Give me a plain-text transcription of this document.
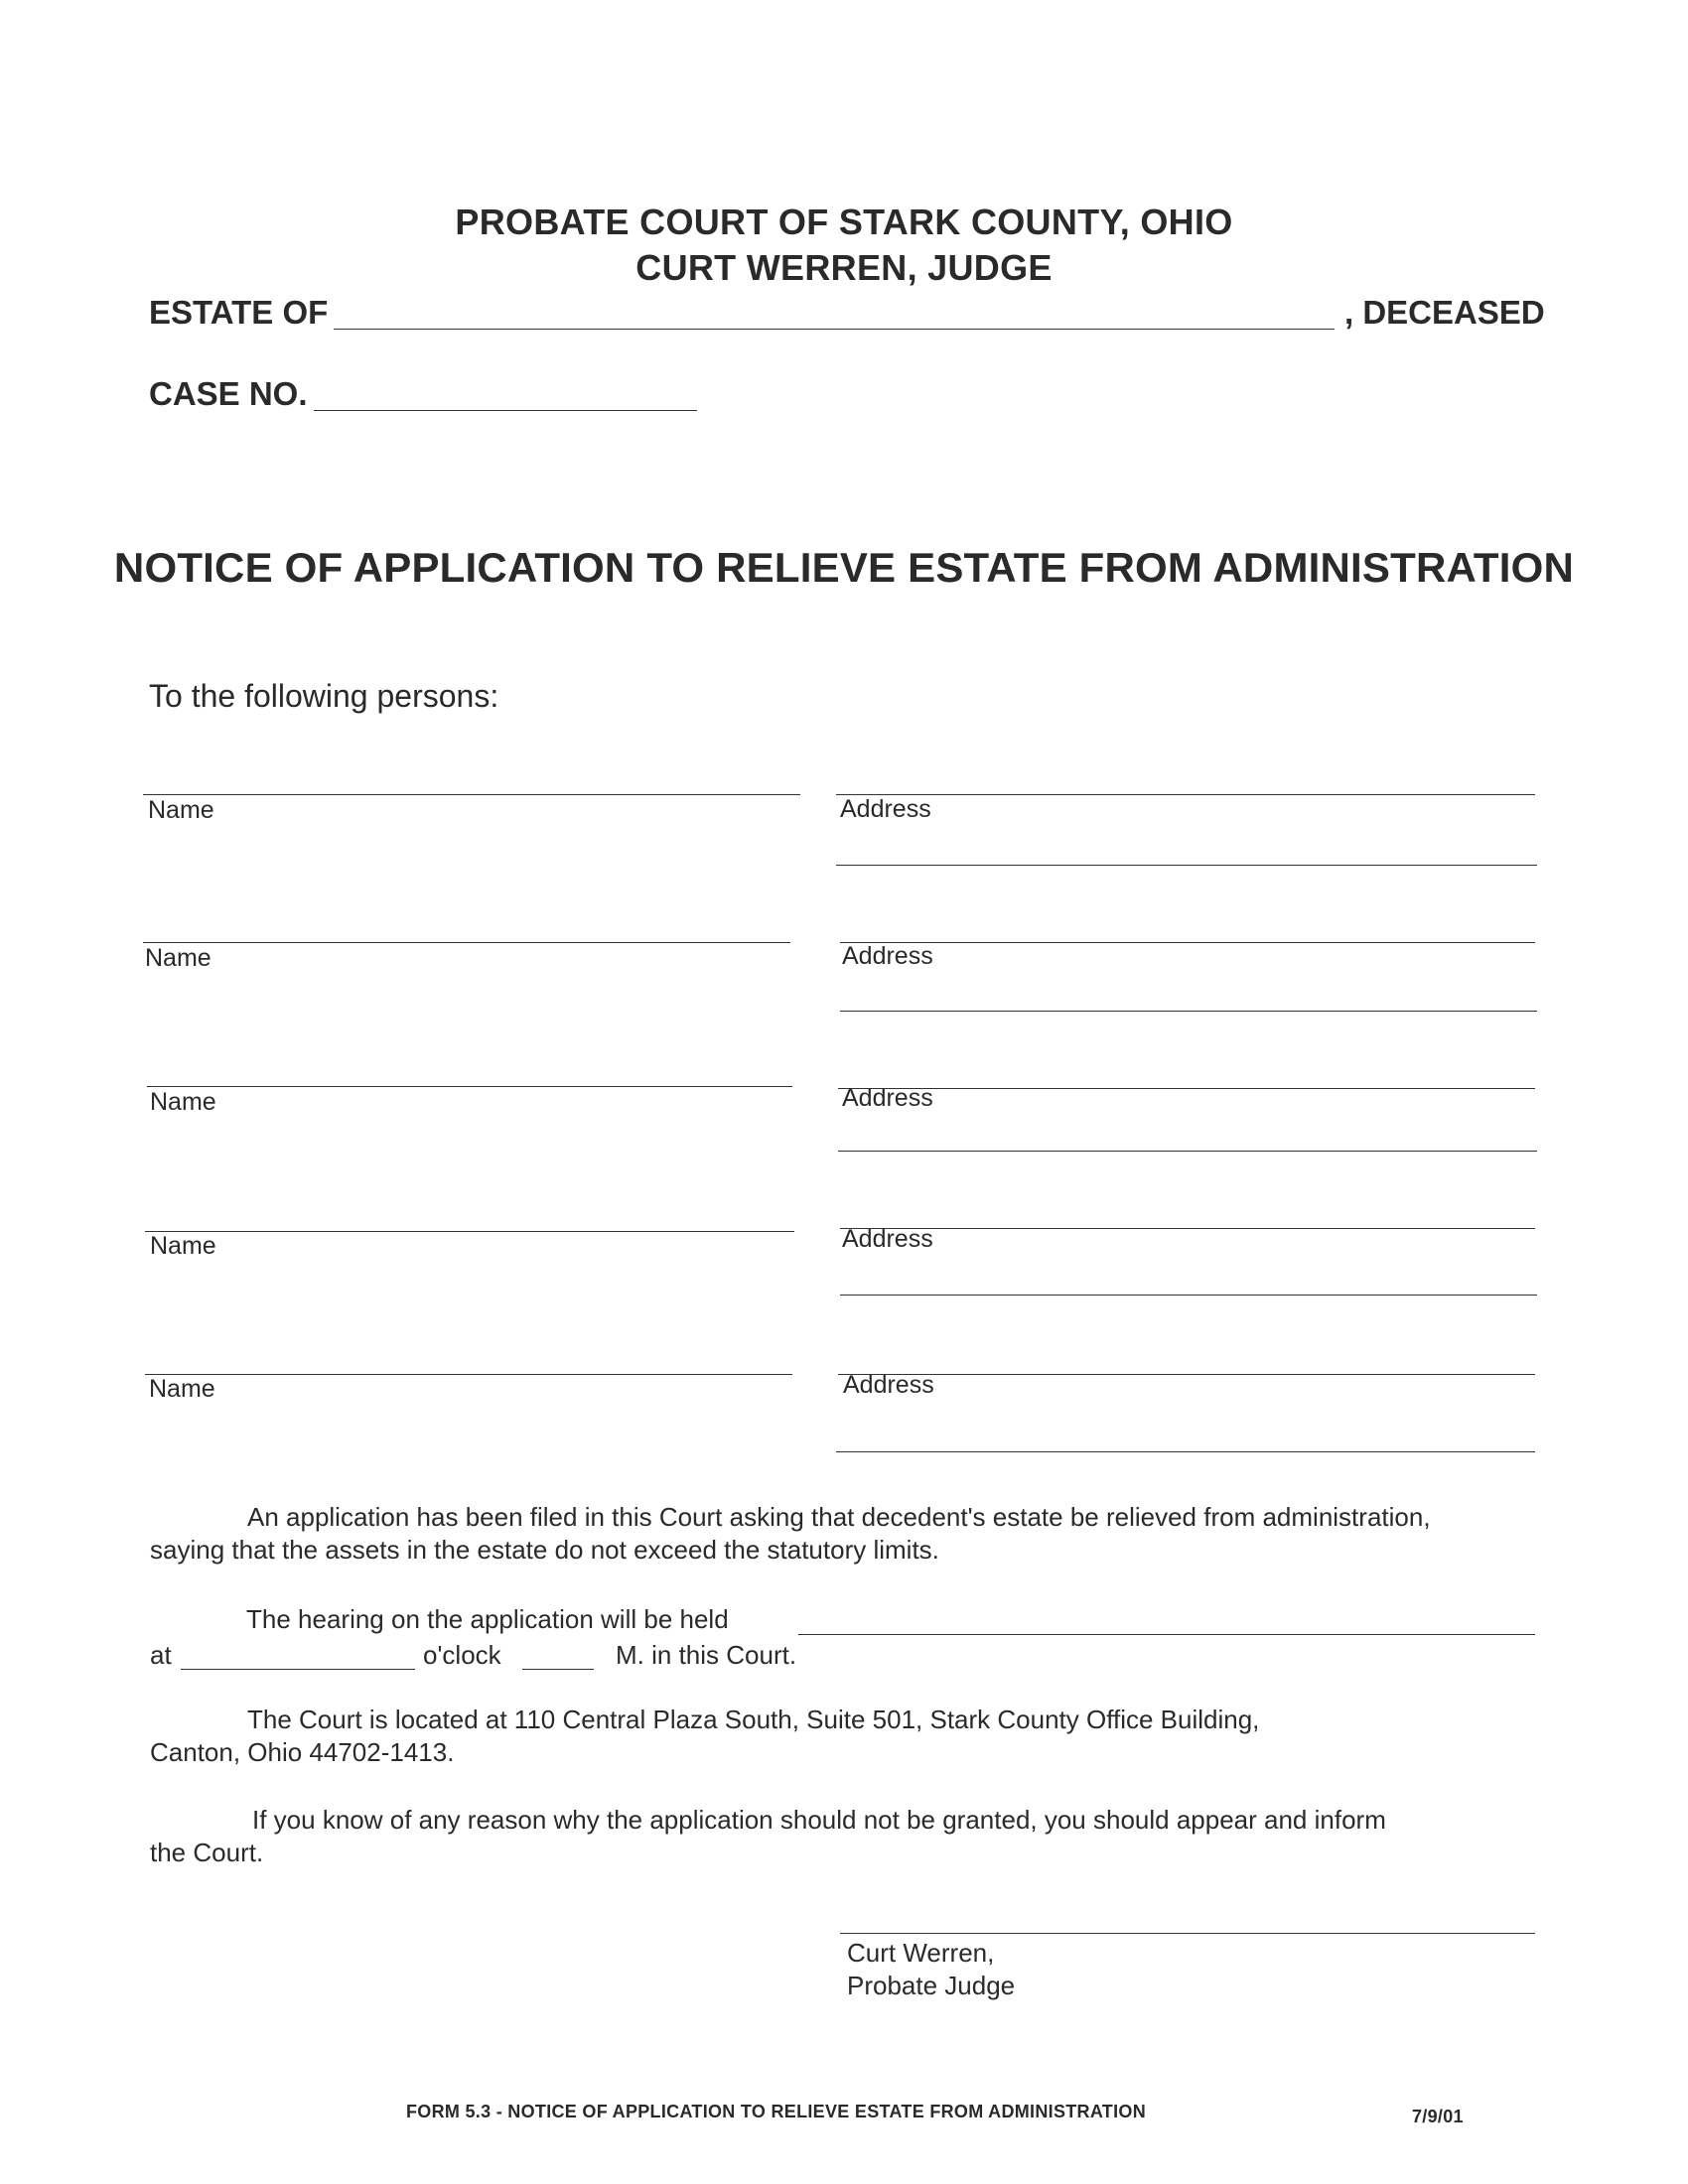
PROBATE COURT OF STARK COUNTY, OHIO
CURT WERREN, JUDGE
ESTATE OF	, DECEASED
CASE NO.
NOTICE OF APPLICATION TO RELIEVE ESTATE FROM ADMINISTRATION
To the following persons:
Name	Address
Name	Address
Name	Address
Name	Address
Name	Address
An application has been filed in this Court asking that decedent's estate be relieved from administration,
saying that the assets in the estate do not exceed the statutory limits.
The hearing on the application will be held
at	o'clock	M. in this Court.
The Court is located at 110 Central Plaza South, Suite 501, Stark County Office Building,
Canton, Ohio 44702-1413.
If you know of any reason why the application should not be granted, you should appear and inform
the Court.
Curt Werren,
Probate Judge
FORM 5.3 - NOTICE OF APPLICATION TO RELIEVE ESTATE FROM ADMINISTRATION	7/9/01
